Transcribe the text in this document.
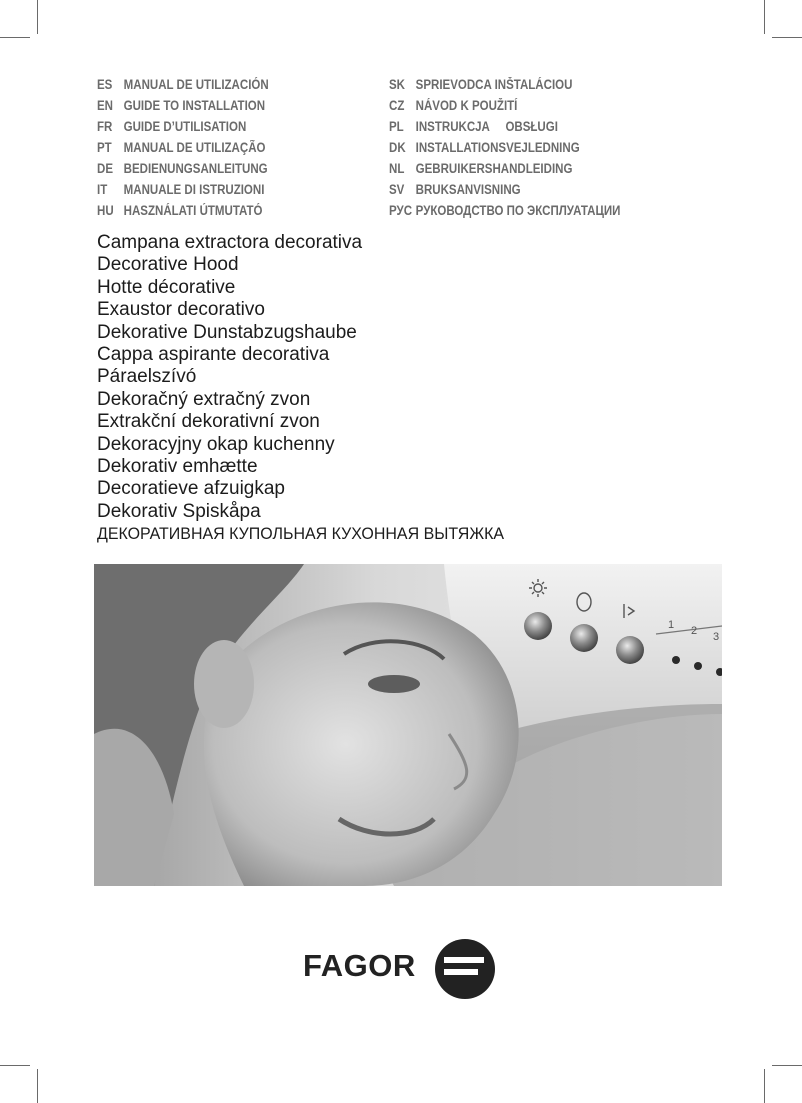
ES MANUAL DE UTILIZACIÓN
EN GUIDE TO INSTALLATION
FR GUIDE D’UTILISATION
PT MANUAL DE UTILIZAÇÃO
DE BEDIENUNGSANLEITUNG
IT MANUALE DI ISTRUZIONI
HU HASZNÁLATI ÚTMUTATÓ
SK SPRIEVODCA INŠTALÁCIOU
CZ NÁVOD K POUŽITÍ
PL INSTRUKCJA     OBSŁUGI
DK INSTALLATIONSVEJLEDNING
NL GEBRUIKERSHANDLEIDING
SV BRUKSANVISNING
РУС РУКОВОДСТВО ПО ЭКСПЛУАТАЦИИ
Campana extractora decorativa
Decorative Hood
Hotte décorative
Exaustor decorativo
Dekorative Dunstabzugshaube
Cappa aspirante decorativa
Páraelszívó
Dekoračný extračný zvon
Extrakční dekorativní zvon
Dekoracyjny okap kuchenny
Dekorativ emhætte
Decoratieve afzuigkap
Dekorativ Spiskåpa
ДЕКОРАТИВНАЯ КУПОЛЬНАЯ КУХОННАЯ ВЫТЯЖКА
1 2 3
FAGOR
